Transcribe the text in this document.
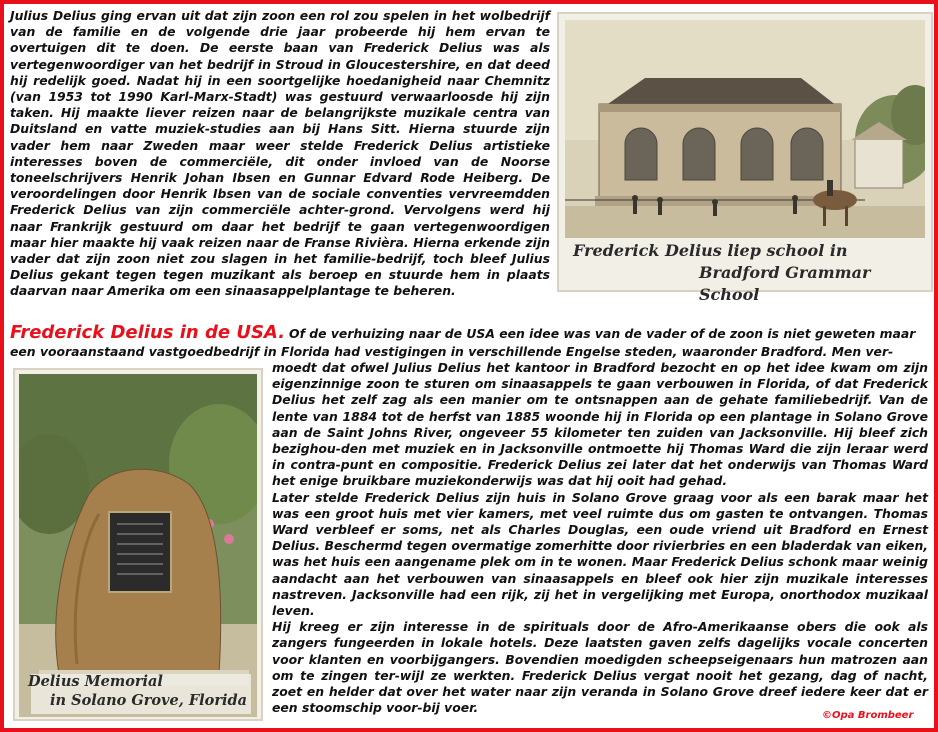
Julius Delius ging ervan uit dat zijn zoon een rol zou spelen in het wolbedrijf van de familie en de volgende drie jaar probeerde hij hem ervan te overtuigen dit te doen. De eerste baan van Frederick Delius was als vertegenwoordiger van het bedrijf in Stroud in Gloucestershire, en dat deed hij redelijk goed. Nadat hij in een soortgelijke hoedanigheid naar Chemnitz (van 1953 tot 1990 Karl-Marx-Stadt) was gestuurd verwaarloosde hij zijn taken. Hij maakte liever reizen naar de belangrijkste muzikale centra van Duitsland en vatte muziek-studies aan bij Hans Sitt. Hierna stuurde zijn vader hem naar Zweden maar weer stelde Frederick Delius artistieke interesses boven de commerciële, dit onder invloed van de Noorse toneelschrijvers Henrik Johan Ibsen en Gunnar Edvard Rode Heiberg. De veroordelingen door Henrik Ibsen van de sociale conventies vervreemdden Frederick Delius van zijn commerciële achter-grond. Vervolgens werd hij naar Frankrijk gestuurd om daar het bedrijf te gaan vertegenwoordigen maar hier maakte hij vaak reizen naar de Franse Rivièra. Hierna erkende zijn vader dat zijn zoon niet zou slagen in het familie-bedrijf, toch bleef Julius Delius gekant tegen tegen muzikant als beroep en stuurde hem in plaats daarvan naar Amerika om een sinaasappelplantage te beheren.

Frederick Delius liep school in
Bradford Grammar School
Frederick Delius in de USA. Of de verhuizing naar de USA een idee was van de vader of de zoon is niet geweten maar een vooraanstaand vastgoedbedrijf in Florida had vestigingen in verschillende Engelse steden, waaronder Bradford. Men ver-
Delius Memorial
in Solano Grove, Florida

moedt dat ofwel Julius Delius het kantoor in Bradford bezocht en op het idee kwam om zijn eigenzinnige zoon te sturen om sinaasappels te gaan verbouwen in Florida, of dat Frederick Delius het zelf zag als een manier om te ontsnappen aan de gehate familiebedrijf. Van de lente van 1884 tot de herfst van 1885 woonde hij in Florida op een plantage in Solano Grove aan de Saint Johns River, ongeveer 55 kilometer ten zuiden van Jacksonville. Hij bleef zich bezighou-den met muziek en in Jacksonville ontmoette hij Thomas Ward die zijn leraar werd in contra-punt en compositie. Frederick Delius zei later dat het onderwijs van Thomas Ward het enige bruikbare muziekonderwijs was dat hij ooit had gehad.

Later stelde Frederick Delius zijn huis in Solano Grove graag voor als een barak maar het was een groot huis met vier kamers, met veel ruimte dus om gasten te ontvangen. Thomas Ward verbleef er soms, net als Charles Douglas, een oude vriend uit Bradford en Ernest Delius. Beschermd tegen overmatige zomerhitte door rivierbries en een bladerdak van eiken, was het huis een aangename plek om in te wonen. Maar Frederick Delius schonk maar weinig aandacht aan het verbouwen van sinaasappels en bleef ook hier zijn muzikale interesses nastreven. Jacksonville had een rijk, zij het in vergelijking met Europa, onorthodox muzikaal leven.

Hij kreeg er zijn interesse in de spirituals door de Afro-Amerikaanse obers die ook als zangers fungeerden in lokale hotels. Deze laatsten gaven zelfs dagelijks vocale concerten voor klanten en voorbijgangers. Bovendien moedigden scheepseigenaars hun matrozen aan om te zingen ter-wijl ze werkten. Frederick Delius vergat nooit het gezang, dag of nacht, zoet en helder dat over het water naar zijn veranda in Solano Grove dreef iedere keer dat er een stoomschip voor-bij voer.

©Opa Brombeer
